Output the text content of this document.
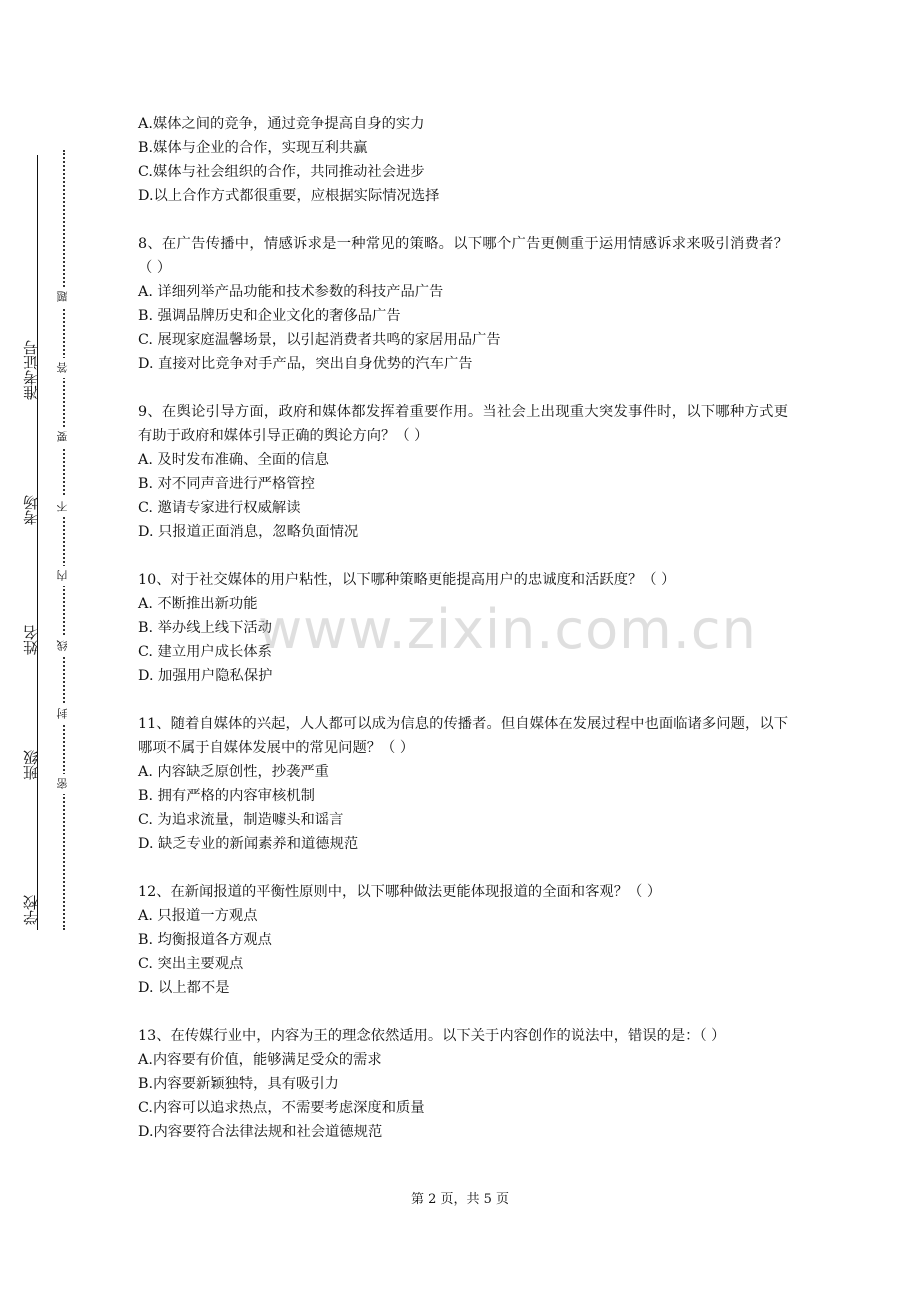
学校
班级
姓名
考场
准考证号
密
封
线
内
不
要
答
题
A.媒体之间的竞争，通过竞争提高自身的实力
B.媒体与企业的合作，实现互利共赢
C.媒体与社会组织的合作，共同推动社会进步
D.以上合作方式都很重要，应根据实际情况选择
8、在广告传播中，情感诉求是一种常见的策略。以下哪个广告更侧重于运用情感诉求来吸引消费者？（ ）
A. 详细列举产品功能和技术参数的科技产品广告
B. 强调品牌历史和企业文化的奢侈品广告
C. 展现家庭温馨场景，以引起消费者共鸣的家居用品广告
D. 直接对比竞争对手产品，突出自身优势的汽车广告
9、在舆论引导方面，政府和媒体都发挥着重要作用。当社会上出现重大突发事件时，以下哪种方式更有助于政府和媒体引导正确的舆论方向？（ ）
A. 及时发布准确、全面的信息
B. 对不同声音进行严格管控
C. 邀请专家进行权威解读
D. 只报道正面消息，忽略负面情况
10、对于社交媒体的用户粘性，以下哪种策略更能提高用户的忠诚度和活跃度？（ ）
A. 不断推出新功能
B. 举办线上线下活动
C. 建立用户成长体系
D. 加强用户隐私保护
11、随着自媒体的兴起，人人都可以成为信息的传播者。但自媒体在发展过程中也面临诸多问题，以下哪项不属于自媒体发展中的常见问题？（ ）
A. 内容缺乏原创性，抄袭严重
B. 拥有严格的内容审核机制
C. 为追求流量，制造噱头和谣言
D. 缺乏专业的新闻素养和道德规范
12、在新闻报道的平衡性原则中，以下哪种做法更能体现报道的全面和客观？（ ）
A. 只报道一方观点
B. 均衡报道各方观点
C. 突出主要观点
D. 以上都不是
13、在传媒行业中，内容为王的理念依然适用。以下关于内容创作的说法中，错误的是：（ ）
A.内容要有价值，能够满足受众的需求
B.内容要新颖独特，具有吸引力
C.内容可以追求热点，不需要考虑深度和质量
D.内容要符合法律法规和社会道德规范
www.zixin.com.cn
第 2 页，共 5 页
